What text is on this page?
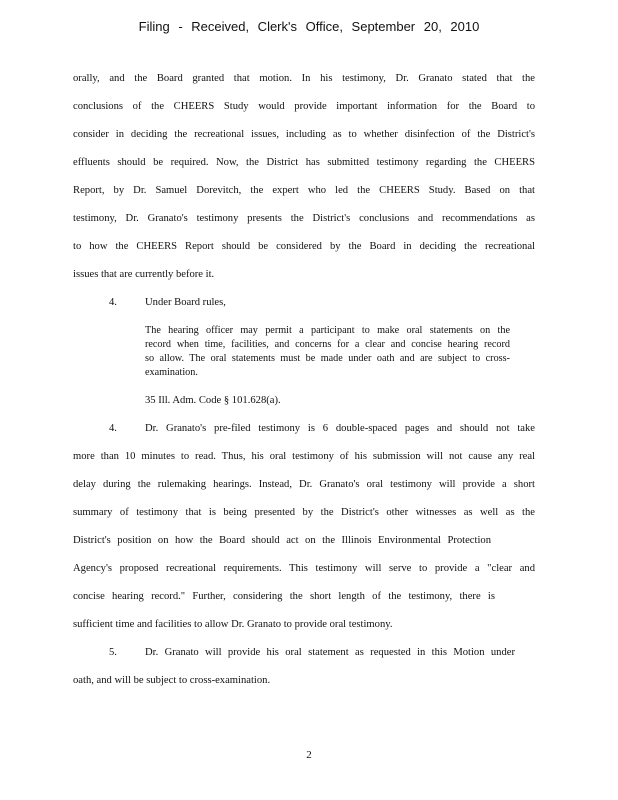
Filing - Received, Clerk's Office, September 20, 2010
orally, and the Board granted that motion. In his testimony, Dr. Granato stated that the
conclusions of the CHEERS Study would provide important information for the Board to
consider in deciding the recreational issues, including as to whether disinfection of the District's
effluents should be required. Now, the District has submitted testimony regarding the CHEERS
Report, by Dr. Samuel Dorevitch, the expert who led the CHEERS Study. Based on that
testimony, Dr. Granato's testimony presents the District's conclusions and recommendations as
to how the CHEERS Report should be considered by the Board in deciding the recreational
issues that are currently before it.
4.	Under Board rules,
The hearing officer may permit a participant to make oral statements on the
record when time, facilities, and concerns for a clear and concise hearing record
so allow. The oral statements must be made under oath and are subject to cross-
examination.
35 Ill. Adm. Code § 101.628(a).
4.	Dr. Granato's pre-filed testimony is 6 double-spaced pages and should not take
more than 10 minutes to read. Thus, his oral testimony of his submission will not cause any real
delay during the rulemaking hearings. Instead, Dr. Granato's oral testimony will provide a short
summary of testimony that is being presented by the District's other witnesses as well as the
District's position on how the Board should act on the Illinois Environmental Protection
Agency's proposed recreational requirements. This testimony will serve to provide a "clear and
concise hearing record." Further, considering the short length of the testimony, there is
sufficient time and facilities to allow Dr. Granato to provide oral testimony.
5.	Dr. Granato will provide his oral statement as requested in this Motion under
oath, and will be subject to cross-examination.
2
